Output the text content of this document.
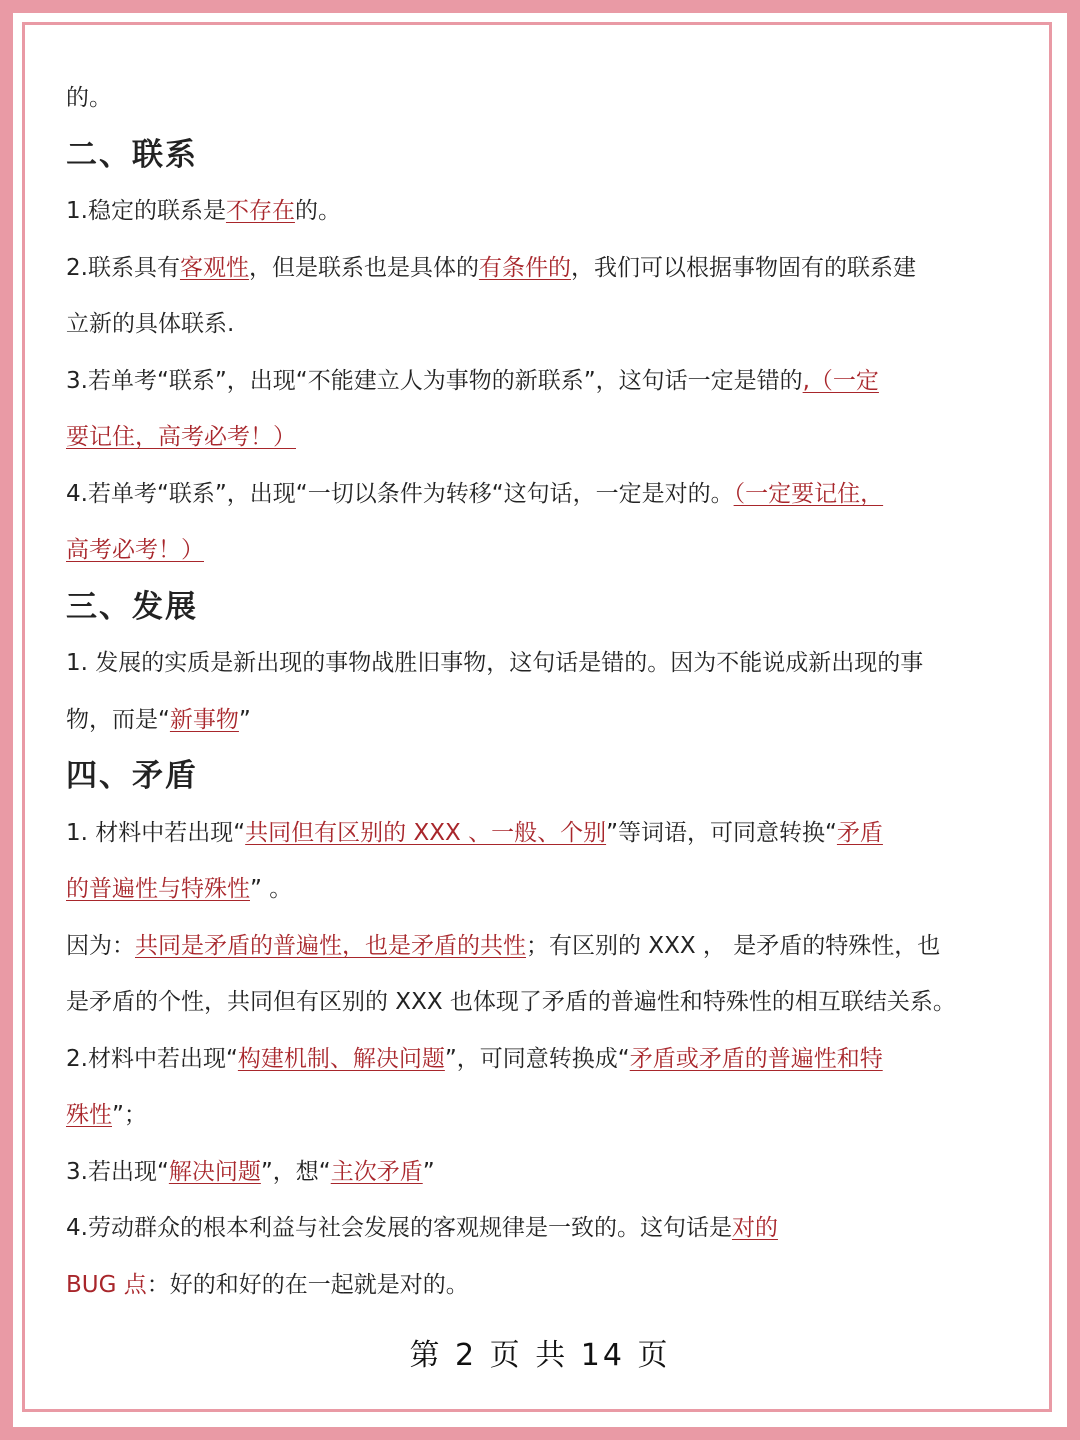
的。

二、联系

1.稳定的联系是不存在的。

2.联系具有客观性，但是联系也是具体的有条件的，我们可以根据事物固有的联系建

立新的具体联系.

3.若单考“联系”，出现“不能建立人为事物的新联系”，这句话一定是错的,（一定

要记住，高考必考！）

4.若单考“联系”，出现“一切以条件为转移“这句话，一定是对的。（一定要记住，

高考必考！）

三、发展

1. 发展的实质是新出现的事物战胜旧事物，这句话是错的。因为不能说成新出现的事

物，而是“新事物”

四、矛盾

1. 材料中若出现“共同但有区别的 XXX 、一般、个别”等词语，可同意转换“矛盾

的普遍性与特殊性” 。

因为：共同是矛盾的普遍性，也是矛盾的共性；有区别的 XXX ， 是矛盾的特殊性，也

是矛盾的个性，共同但有区别的 XXX 也体现了矛盾的普遍性和特殊性的相互联结关系。

2.材料中若出现“构建机制、解决问题”，可同意转换成“矛盾或矛盾的普遍性和特

殊性”；

3.若出现“解决问题”，想“主次矛盾”

4.劳动群众的根本利益与社会发展的客观规律是一致的。这句话是对的

BUG 点：好的和好的在一起就是对的。

第 2 页 共 14 页
